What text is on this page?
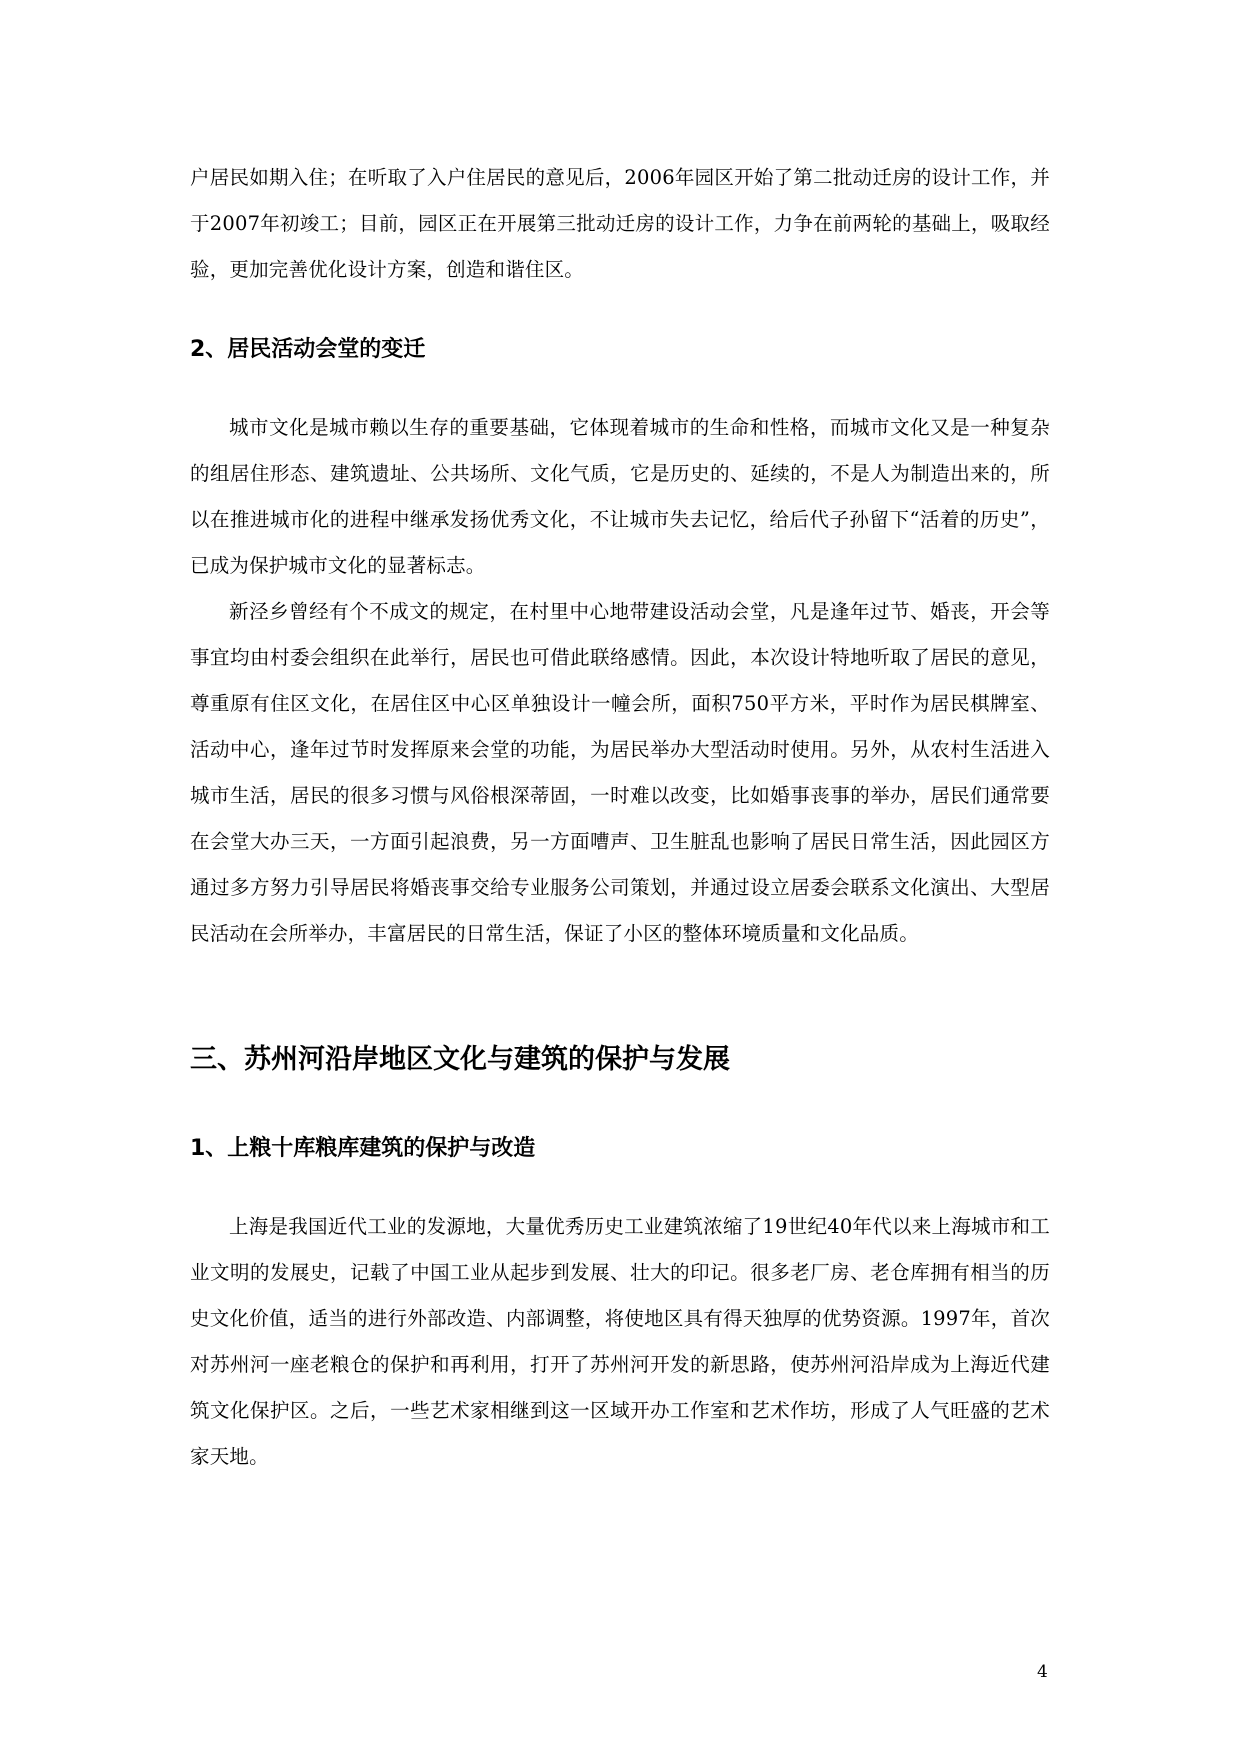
户居民如期入住；在听取了入户住居民的意见后，2006年园区开始了第二批动迁房的设计工作，并于2007年初竣工；目前，园区正在开展第三批动迁房的设计工作，力争在前两轮的基础上，吸取经验，更加完善优化设计方案，创造和谐住区。

2、居民活动会堂的变迁

城市文化是城市赖以生存的重要基础，它体现着城市的生命和性格，而城市文化又是一种复杂的组居住形态、建筑遗址、公共场所、文化气质，它是历史的、延续的，不是人为制造出来的，所以在推进城市化的进程中继承发扬优秀文化，不让城市失去记忆，给后代子孙留下“活着的历史”，已成为保护城市文化的显著标志。

新泾乡曾经有个不成文的规定，在村里中心地带建设活动会堂，凡是逢年过节、婚丧，开会等事宜均由村委会组织在此举行，居民也可借此联络感情。因此，本次设计特地听取了居民的意见，尊重原有住区文化，在居住区中心区单独设计一幢会所，面积750平方米，平时作为居民棋牌室、活动中心，逢年过节时发挥原来会堂的功能，为居民举办大型活动时使用。另外，从农村生活进入城市生活，居民的很多习惯与风俗根深蒂固，一时难以改变，比如婚事丧事的举办，居民们通常要在会堂大办三天，一方面引起浪费，另一方面嘈声、卫生脏乱也影响了居民日常生活，因此园区方通过多方努力引导居民将婚丧事交给专业服务公司策划，并通过设立居委会联系文化演出、大型居民活动在会所举办，丰富居民的日常生活，保证了小区的整体环境质量和文化品质。

三、苏州河沿岸地区文化与建筑的保护与发展
1、上粮十库粮库建筑的保护与改造

上海是我国近代工业的发源地，大量优秀历史工业建筑浓缩了19世纪40年代以来上海城市和工业文明的发展史，记载了中国工业从起步到发展、壮大的印记。很多老厂房、老仓库拥有相当的历史文化价值，适当的进行外部改造、内部调整，将使地区具有得天独厚的优势资源。1997年，首次对苏州河一座老粮仓的保护和再利用，打开了苏州河开发的新思路，使苏州河沿岸成为上海近代建筑文化保护区。之后，一些艺术家相继到这一区域开办工作室和艺术作坊，形成了人气旺盛的艺术家天地。

4
